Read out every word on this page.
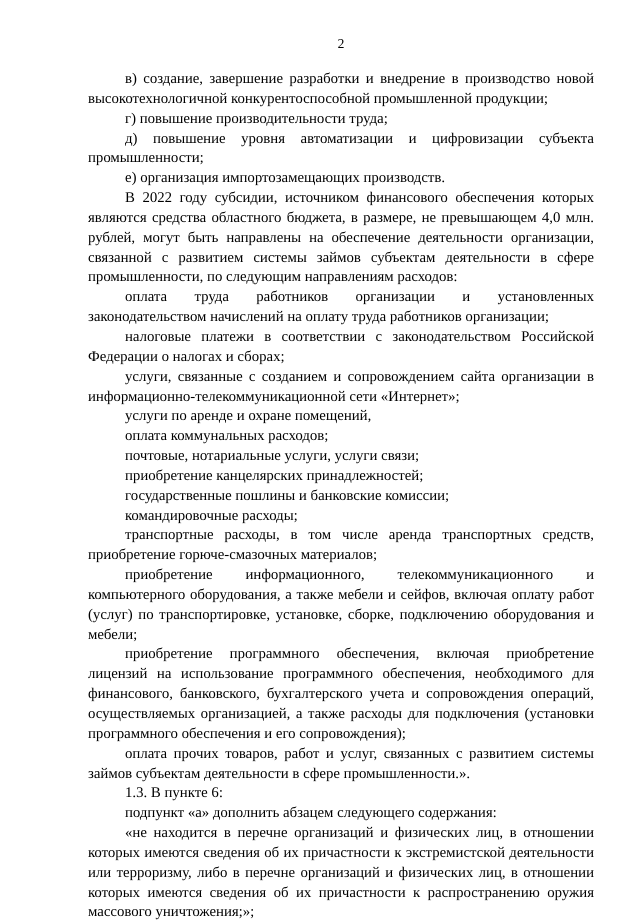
2

в) создание, завершение разработки и внедрение в производство новой высокотехнологичной конкурентоспособной промышленной продукции;

г) повышение производительности труда;

д) повышение уровня автоматизации и цифровизации субъекта промышленности;

е) организация импортозамещающих производств.

В 2022 году субсидии, источником финансового обеспечения которых являются средства областного бюджета, в размере, не превышающем 4,0 млн. рублей, могут быть направлены на обеспечение деятельности организации, связанной с развитием системы займов субъектам деятельности в сфере промышленности, по следующим направлениям расходов:

оплата труда работников организации и установленных законодательством начислений на оплату труда работников организации;

налоговые платежи в соответствии с законодательством Российской Федерации о налогах и сборах;

услуги, связанные с созданием и сопровождением сайта организации в информационно-телекоммуникационной сети «Интернет»;

услуги по аренде и охране помещений,

оплата коммунальных расходов;

почтовые, нотариальные услуги, услуги связи;

приобретение канцелярских принадлежностей;

государственные пошлины и банковские комиссии;

командировочные расходы;

транспортные расходы, в том числе аренда транспортных средств, приобретение горюче-смазочных материалов;

приобретение информационного, телекоммуникационного и компьютерного оборудования, а также мебели и сейфов, включая оплату работ (услуг) по транспортировке, установке, сборке, подключению оборудования и мебели;

приобретение программного обеспечения, включая приобретение лицензий на использование программного обеспечения, необходимого для финансового, банковского, бухгалтерского учета и сопровождения операций, осуществляемых организацией, а также расходы для подключения (установки программного обеспечения и его сопровождения);

оплата прочих товаров, работ и услуг, связанных с развитием системы займов субъектам деятельности в сфере промышленности.».

1.3. В пункте 6:

подпункт «а» дополнить абзацем следующего содержания:

«не находится в перечне организаций и физических лиц, в отношении которых имеются сведения об их причастности к экстремистской деятельности или терроризму, либо в перечне организаций и физических лиц, в отношении которых имеются сведения об их причастности к распространению оружия массового уничтожения;»;
